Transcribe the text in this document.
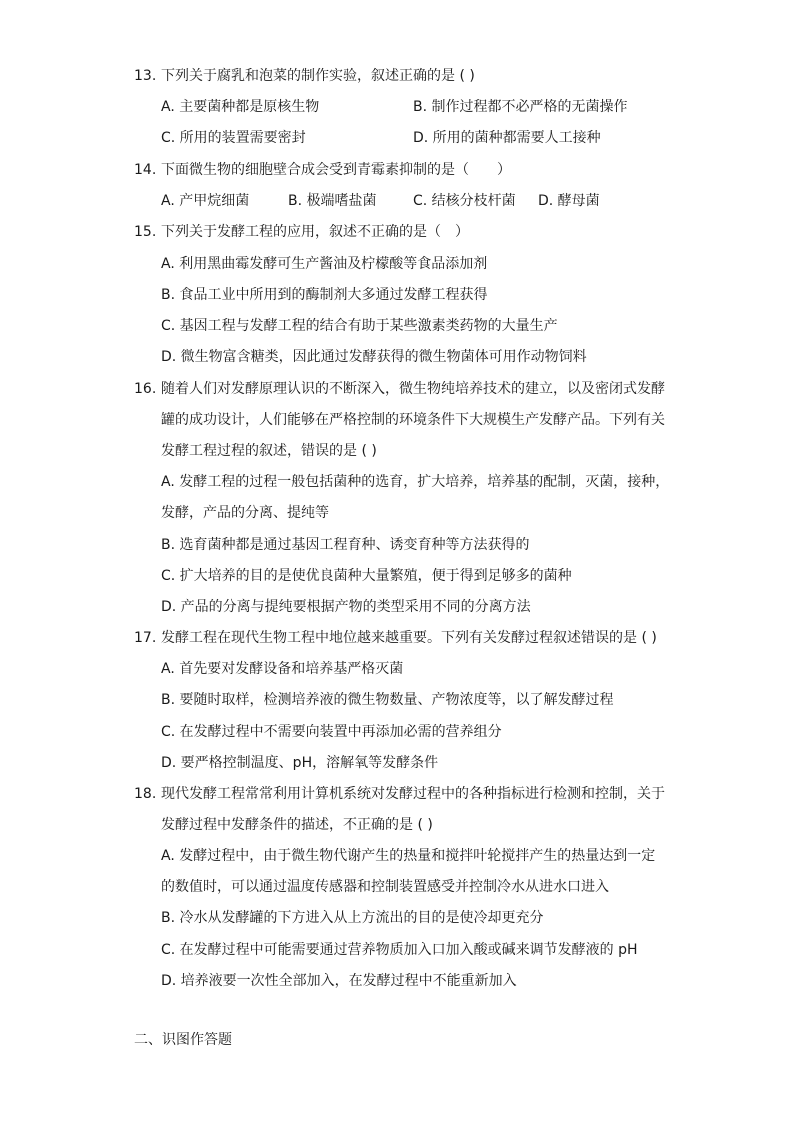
13. 下列关于腐乳和泡菜的制作实验，叙述正确的是 ( )
A. 主要菌种都是原核生物	B. 制作过程都不必严格的无菌操作
C. 所用的装置需要密封	D. 所用的菌种都需要人工接种
14. 下面微生物的细胞壁合成会受到青霉素抑制的是（　　）
A. 产甲烷细菌	B. 极端嗜盐菌	C. 结核分枝杆菌 D. 酵母菌
15. 下列关于发酵工程的应用，叙述不正确的是（　）
A. 利用黑曲霉发酵可生产酱油及柠檬酸等食品添加剂
B. 食品工业中所用到的酶制剂大多通过发酵工程获得
C. 基因工程与发酵工程的结合有助于某些激素类药物的大量生产
D. 微生物富含糖类，因此通过发酵获得的微生物菌体可用作动物饲料
16. 随着人们对发酵原理认识的不断深入，微生物纯培养技术的建立，以及密闭式发酵
罐的成功设计，人们能够在严格控制的环境条件下大规模生产发酵产品。下列有关
发酵工程过程的叙述，错误的是 ( )
A. 发酵工程的过程一般包括菌种的选育，扩大培养，培养基的配制，灭菌，接种，
发酵，产品的分离、提纯等
B. 选育菌种都是通过基因工程育种、诱变育种等方法获得的
C. 扩大培养的目的是使优良菌种大量繁殖，便于得到足够多的菌种
D. 产品的分离与提纯要根据产物的类型采用不同的分离方法
17. 发酵工程在现代生物工程中地位越来越重要。下列有关发酵过程叙述错误的是 ( )
A. 首先要对发酵设备和培养基严格灭菌
B. 要随时取样，检测培养液的微生物数量、产物浓度等，以了解发酵过程
C. 在发酵过程中不需要向装置中再添加必需的营养组分
D. 要严格控制温度、pH，溶解氧等发酵条件
18. 现代发酵工程常常利用计算机系统对发酵过程中的各种指标进行检测和控制，关于
发酵过程中发酵条件的描述，不正确的是 ( )
A. 发酵过程中，由于微生物代谢产生的热量和搅拌叶轮搅拌产生的热量达到一定
的数值时，可以通过温度传感器和控制装置感受并控制冷水从进水口进入
B. 冷水从发酵罐的下方进入从上方流出的目的是使冷却更充分
C. 在发酵过程中可能需要通过营养物质加入口加入酸或碱来调节发酵液的 pH
D. 培养液要一次性全部加入，在发酵过程中不能重新加入
二、识图作答题
